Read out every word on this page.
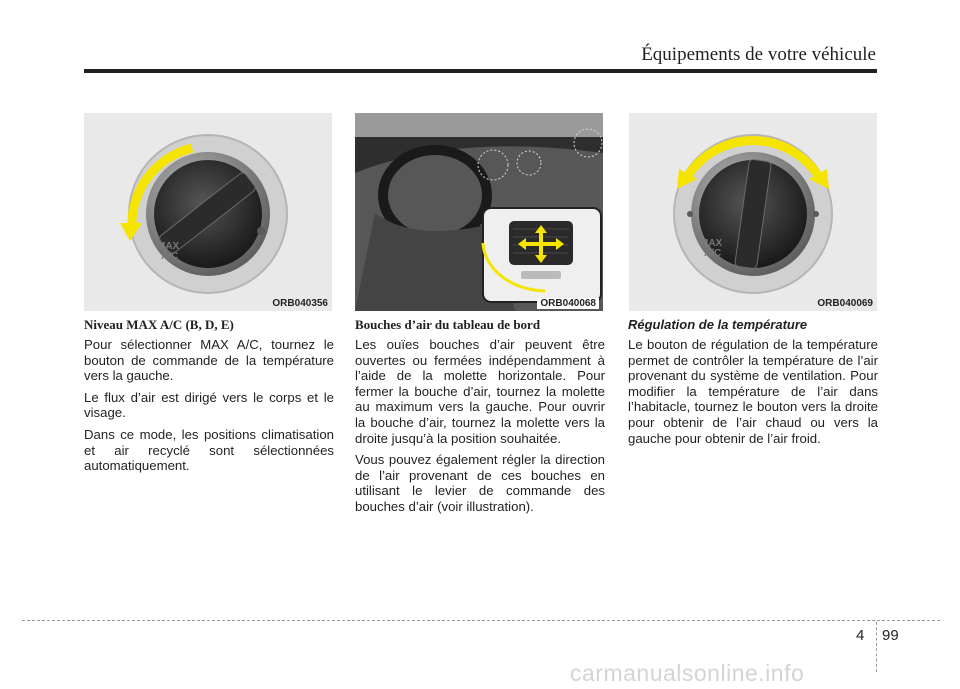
Équipements de votre véhicule
MAX
A/C
ORB040356	ORB040068
MAX
A/C
ORB040069

Niveau MAX A/C (B, D, E)

Pour sélectionner MAX A/C, tournez le bouton de commande de la température vers la gauche.

Le flux d’air est dirigé vers le corps et le visage.

Dans ce mode, les positions climatisation et air recyclé sont sélectionnées automatiquement.

Bouches d’air du tableau de bord

Les ouïes bouches d’air peuvent être ouvertes ou fermées indépendamment à l’aide de la molette horizontale. Pour fermer la bouche d’air, tournez la molette au maximum vers la gauche. Pour ouvrir la bouche d’air, tournez la molette vers la droite jusqu’à la position souhaitée.

Vous pouvez également régler la direction de l’air provenant de ces bouches en utilisant le levier de commande des bouches d’air (voir illustration).

Régulation de la température

Le bouton de régulation de la température permet de contrôler la température de l’air provenant du système de ventilation. Pour modifier la température de l’air dans l’habitacle, tournez le bouton vers la droite pour obtenir de l’air chaud ou vers la gauche pour obtenir de l’air froid.

4 99
carmanualsonline.info
